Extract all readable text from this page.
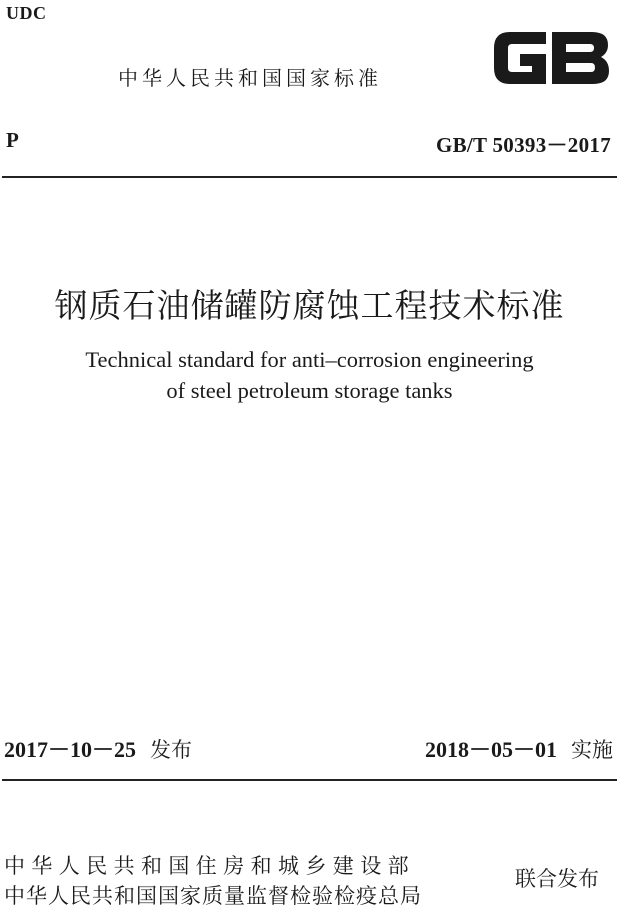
UDC
中华人民共和国国家标准
P	GB/T 50393－2017
钢质石油储罐防腐蚀工程技术标准
Technical standard for anti–corrosion engineering
of steel petroleum storage tanks
2017－10－25 发布	2018－05－01 实施
中华人民共和国住房和城乡建设部
中华人民共和国国家质量监督检验检疫总局
联合发布
